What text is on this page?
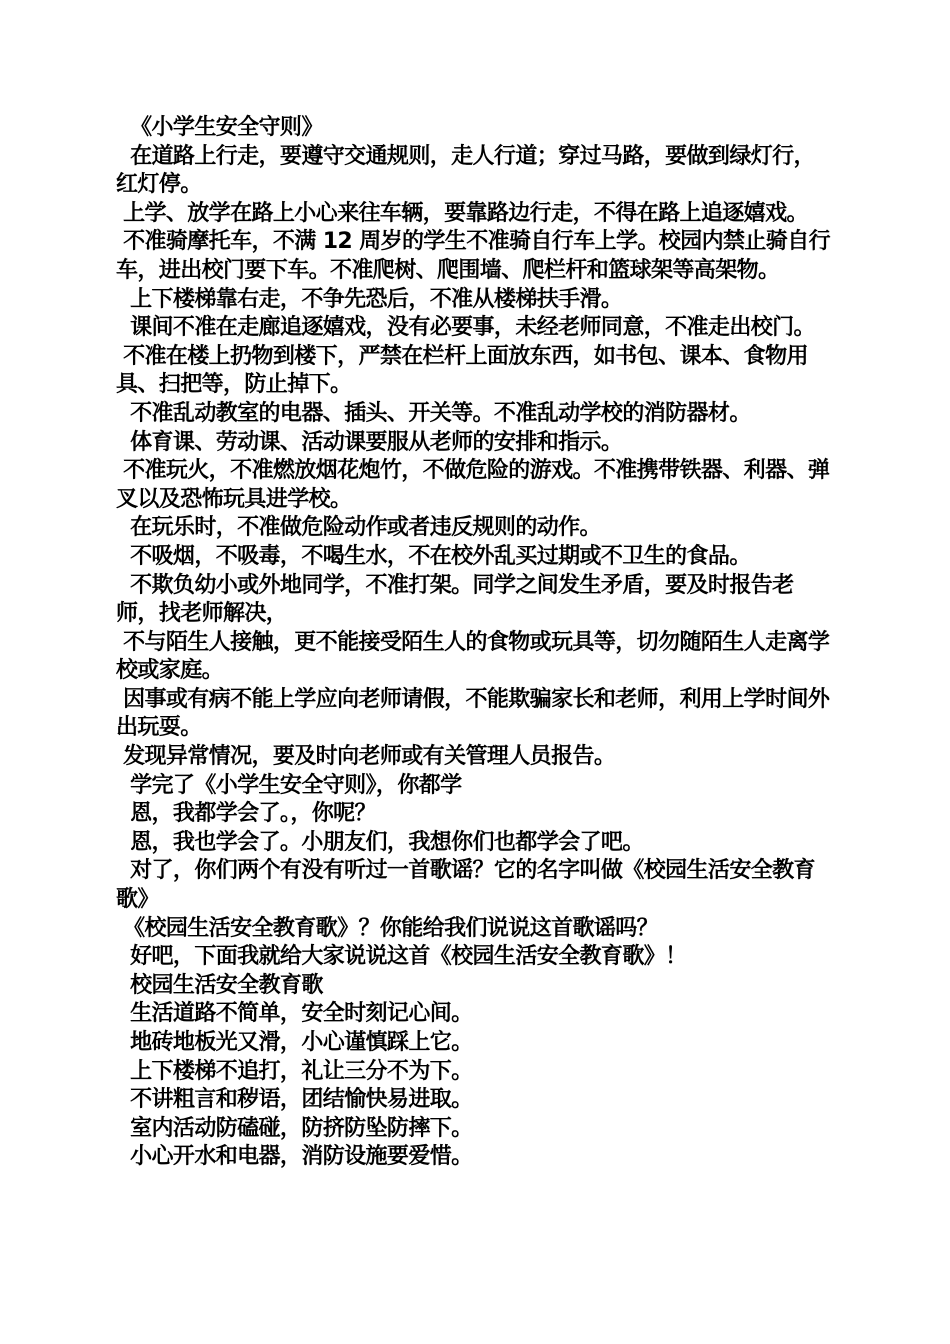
《小学生安全守则》

在道路上行走，要遵守交通规则，走人行道；穿过马路，要做到绿灯行，红灯停。

上学、放学在路上小心来往车辆，要靠路边行走，不得在路上追逐嬉戏。

不准骑摩托车，不满 12 周岁的学生不准骑自行车上学。校园内禁止骑自行车，进出校门要下车。不准爬树、爬围墙、爬栏杆和篮球架等高架物。

上下楼梯靠右走，不争先恐后，不准从楼梯扶手滑。

课间不准在走廊追逐嬉戏，没有必要事，未经老师同意，不准走出校门。

不准在楼上扔物到楼下，严禁在栏杆上面放东西，如书包、课本、食物用具、扫把等，防止掉下。

不准乱动教室的电器、插头、开关等。不准乱动学校的消防器材。

体育课、劳动课、活动课要服从老师的安排和指示。

不准玩火，不准燃放烟花炮竹，不做危险的游戏。不准携带铁器、利器、弹叉以及恐怖玩具进学校。

在玩乐时，不准做危险动作或者违反规则的动作。

不吸烟，不吸毒，不喝生水，不在校外乱买过期或不卫生的食品。

不欺负幼小或外地同学，不准打架。同学之间发生矛盾，要及时报告老师，找老师解决，

不与陌生人接触，更不能接受陌生人的食物或玩具等，切勿随陌生人走离学校或家庭。

因事或有病不能上学应向老师请假，不能欺骗家长和老师，利用上学时间外出玩耍。

发现异常情况，要及时向老师或有关管理人员报告。

学完了《小学生安全守则》，你都学

恩，我都学会了。，你呢？

恩，我也学会了。小朋友们，我想你们也都学会了吧。

对了，你们两个有没有听过一首歌谣？它的名字叫做《校园生活安全教育歌》

《校园生活安全教育歌》？你能给我们说说这首歌谣吗？

好吧，下面我就给大家说说这首《校园生活安全教育歌》！

校园生活安全教育歌

生活道路不简单，安全时刻记心间。

地砖地板光又滑，小心谨慎踩上它。

上下楼梯不追打，礼让三分不为下。

不讲粗言和秽语，团结愉快易进取。

室内活动防磕碰，防挤防坠防摔下。

小心开水和电器，消防设施要爱惜。
